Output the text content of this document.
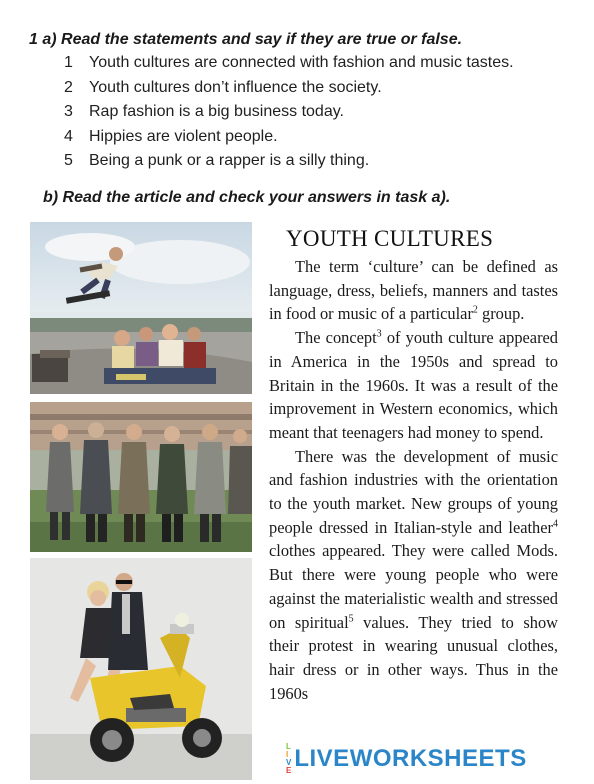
1 a) Read the statements and say if they are true or false.
1 Youth cultures are connected with fashion and music tastes.
2 Youth cultures don’t influence the society.
3 Rap fashion is a big business today.
4 Hippies are violent people.
5 Being a punk or a rapper is a silly thing.
b) Read the article and check your answers in task a).
YOUTH CULTURES

The term ‘culture’ can be defined as language, dress, beliefs, manners and tastes in food or music of a particular$^2$ group.

The concept$^3$ of youth culture appeared in America in the 1950s and spread to Britain in the 1960s. It was a result of the improvement in Western economics, which meant that teenagers had money to spend.

There was the development of music and fashion industries with the orientation to the youth market. New groups of young people dressed in Italian-style and leather$^4$ clothes appeared. They were called Mods. But there were young people who were against the materialistic wealth and stressed on spiritual$^5$ values. They tried to show their protest in wearing unusual clothes, hair dress or in other ways. Thus in the 1960s

L
I
V
E LIVEWORKSHEETS
